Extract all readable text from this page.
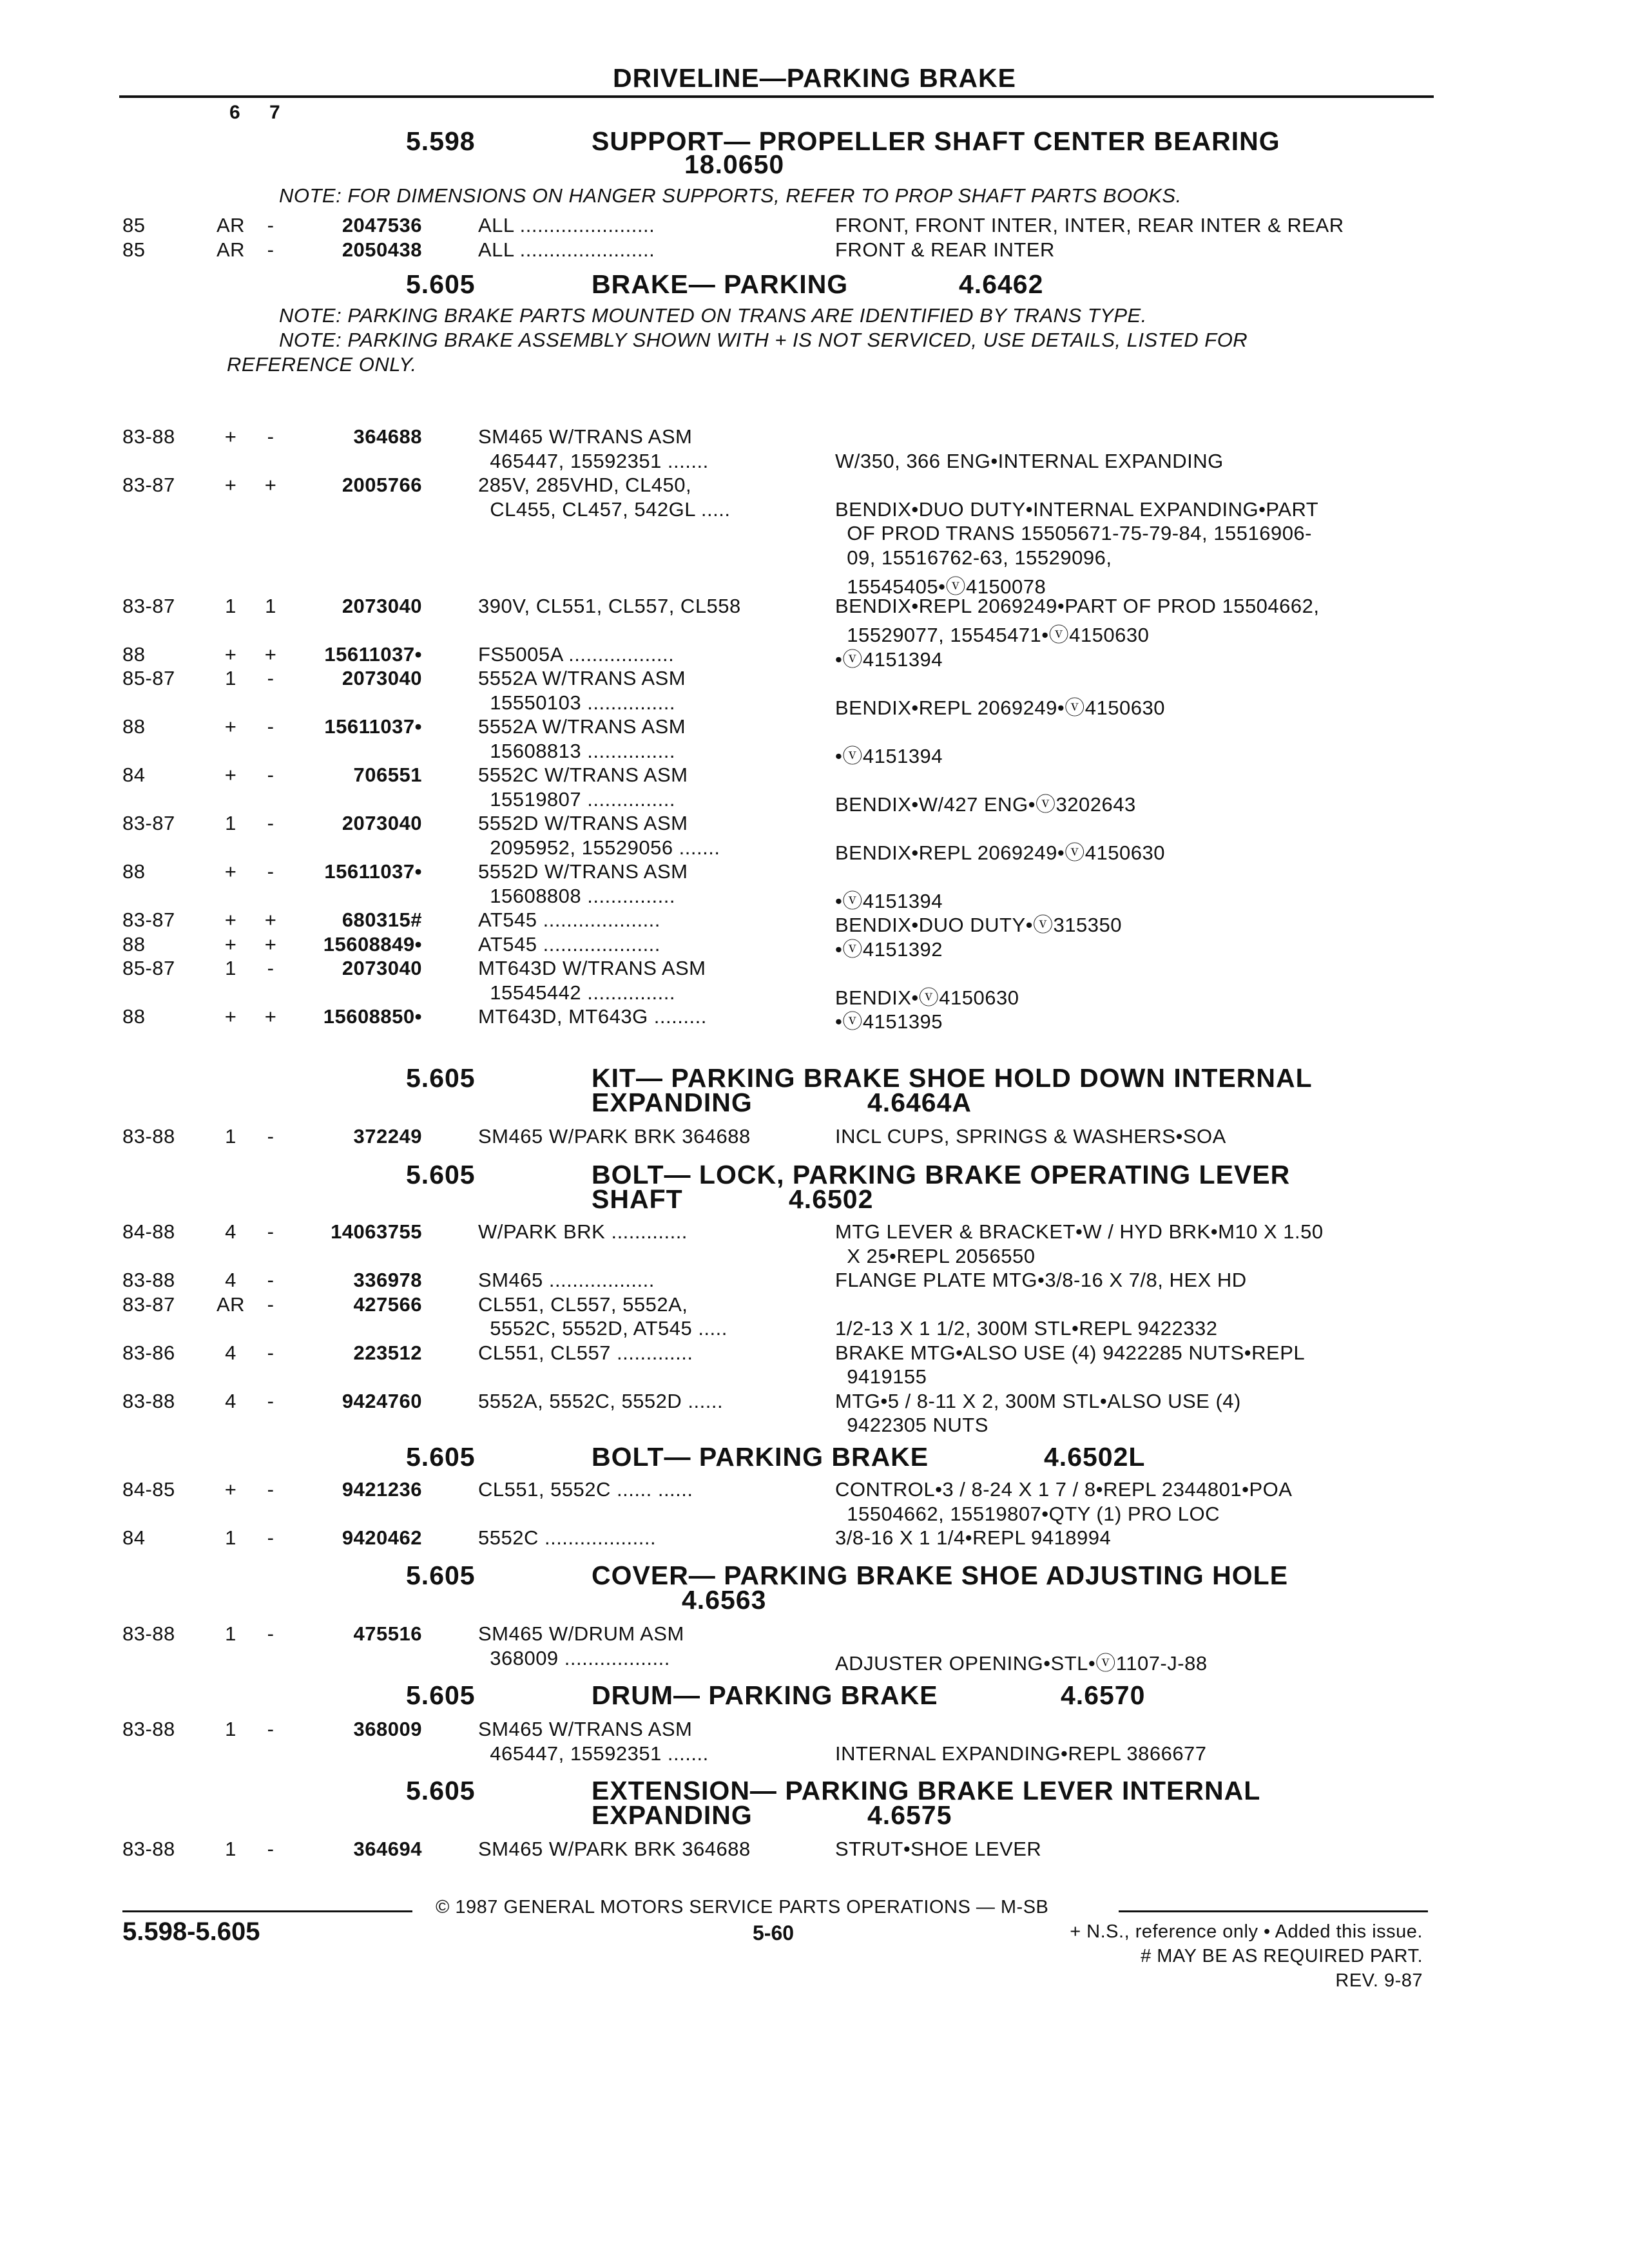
DRIVELINE—PARKING BRAKE
6 7
5.598	SUPPORT— PROPELLER SHAFT CENTER BEARING
18.0650
NOTE: FOR DIMENSIONS ON HANGER SUPPORTS, REFER TO PROP SHAFT PARTS BOOKS.
85	AR	-	2047536	ALL .......................	FRONT, FRONT INTER, INTER, REAR INTER & REAR
85	AR	-	2050438	ALL .......................	FRONT & REAR INTER
5.605	BRAKE— PARKING	4.6462
NOTE: PARKING BRAKE PARTS MOUNTED ON TRANS ARE IDENTIFIED BY TRANS TYPE.
NOTE: PARKING BRAKE ASSEMBLY SHOWN WITH + IS NOT SERVICED, USE DETAILS, LISTED FOR
REFERENCE ONLY.
83-88	+	-	364688	SM465 W/TRANS ASM
465447, 15592351 .......	W/350, 366 ENG•INTERNAL EXPANDING
83-87	+	+	2005766	285V, 285VHD, CL450,
CL455, CL457, 542GL .....	BENDIX•DUO DUTY•INTERNAL EXPANDING•PART
OF PROD TRANS 15505671-75-79-84, 15516906-
09, 15516762-63, 15529096,
15545405•ⓥ4150078
83-87	1	1	2073040	390V, CL551, CL557, CL558	BENDIX•REPL 2069249•PART OF PROD 15504662,
15529077, 15545471•ⓥ4150630
88	+	+	15611037•	FS5005A ..................	•ⓥ4151394
85-87	1	-	2073040	5552A W/TRANS ASM
15550103 ...............	BENDIX•REPL 2069249•ⓥ4150630
88	+	-	15611037•	5552A W/TRANS ASM
15608813 ...............	•ⓥ4151394
84	+	-	706551	5552C W/TRANS ASM
15519807 ...............	BENDIX•W/427 ENG•ⓥ3202643
83-87	1	-	2073040	5552D W/TRANS ASM
2095952, 15529056 .......	BENDIX•REPL 2069249•ⓥ4150630
88	+	-	15611037•	5552D W/TRANS ASM
15608808 ...............	•ⓥ4151394
83-87	+	+	680315#	AT545 ....................	BENDIX•DUO DUTY•ⓥ315350
88	+	+	15608849•	AT545 ....................	•ⓥ4151392
85-87	1	-	2073040	MT643D W/TRANS ASM
15545442 ...............	BENDIX•ⓥ4150630
88	+	+	15608850•	MT643D, MT643G .........	•ⓥ4151395
5.605	KIT— PARKING BRAKE SHOE HOLD DOWN INTERNAL
EXPANDING	4.6464A
83-88	1	-	372249	SM465 W/PARK BRK 364688	INCL CUPS, SPRINGS & WASHERS•SOA
5.605	BOLT— LOCK, PARKING BRAKE OPERATING LEVER
SHAFT	4.6502
84-88	4	-	14063755	W/PARK BRK .............	MTG LEVER & BRACKET•W / HYD BRK•M10 X 1.50
X 25•REPL 2056550
83-88	4	-	336978	SM465 ..................	FLANGE PLATE MTG•3/8-16 X 7/8, HEX HD
83-87 AR	-	427566	CL551, CL557, 5552A,
5552C, 5552D, AT545 .....	1/2-13 X 1 1/2, 300M STL•REPL 9422332
83-86	4	-	223512	CL551, CL557 .............	BRAKE MTG•ALSO USE (4) 9422285 NUTS•REPL
9419155
83-88	4	-	9424760	5552A, 5552C, 5552D ......	MTG•5 / 8-11 X 2, 300M STL•ALSO USE (4)
9422305 NUTS
5.605	BOLT— PARKING BRAKE	4.6502L
84-85	+	-	9421236	CL551, 5552C ...... ......	CONTROL•3 / 8-24 X 1 7 / 8•REPL 2344801•POA
15504662, 15519807•QTY (1) PRO LOC
84	1	-	9420462	5552C ...................	3/8-16 X 1 1/4•REPL 9418994
5.605	COVER— PARKING BRAKE SHOE ADJUSTING HOLE
4.6563
83-88	1	-	475516	SM465 W/DRUM ASM
368009 ..................	ADJUSTER OPENING•STL•ⓥ1107-J-88
5.605	DRUM— PARKING BRAKE	4.6570
83-88	1	-	368009	SM465 W/TRANS ASM
465447, 15592351 .......	INTERNAL EXPANDING•REPL 3866677
5.605	EXTENSION— PARKING BRAKE LEVER INTERNAL
EXPANDING	4.6575
83-88	1	-	364694	SM465 W/PARK BRK 364688	STRUT•SHOE LEVER
© 1987 GENERAL MOTORS SERVICE PARTS OPERATIONS — M-SB
5.598-5.605	5-60	+ N.S., reference only • Added this issue.
# MAY BE AS REQUIRED PART.
REV. 9-87
